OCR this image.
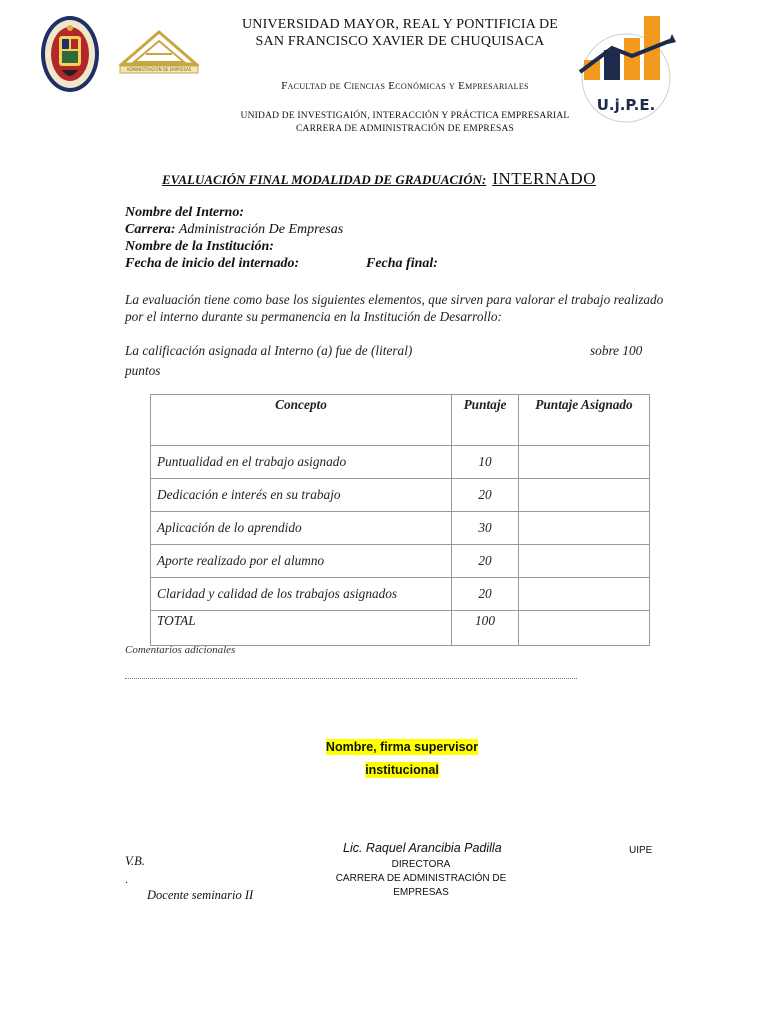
ADMINISTRACIÓN DE EMPRESAS
U.j.P.E.
UNIVERSIDAD MAYOR, REAL Y PONTIFICIA DE
SAN FRANCISCO XAVIER DE CHUQUISACA
Facultad de Ciencias Económicas y Empresariales
UNIDAD DE INVESTIGAIÓN, INTERACCIÓN Y PRÁCTICA EMPRESARIAL
CARRERA DE ADMINISTRACIÓN DE EMPRESAS
EVALUACIÓN FINAL MODALIDAD DE GRADUACIÓN: INTERNADO
Nombre del Interno:
Carrera: Administración De Empresas
Nombre de la Institución:
Fecha de inicio del internado:	Fecha final:
La evaluación tiene como base los siguientes elementos, que sirven para valorar el trabajo realizado por el interno durante su permanencia en la Institución de Desarrollo:
La calificación asignada al Interno (a) fue de (literal)	sobre 100
puntos
Concepto	Puntaje	Puntaje Asignado
Puntualidad en el trabajo asignado	10	
Dedicación e interés en su trabajo	20	
Aplicación de lo aprendido	30	
Aporte realizado por el alumno	20	
Claridad y calidad de los trabajos asignados	20	
TOTAL	100	
Comentarios adicionales
Nombre, firma supervisor
institucional
Lic. Raquel Arancibia Padilla
DIRECTORA
CARRERA DE ADMINISTRACIÓN DE
EMPRESAS
UIPE
V.B.
.
Docente seminario II
